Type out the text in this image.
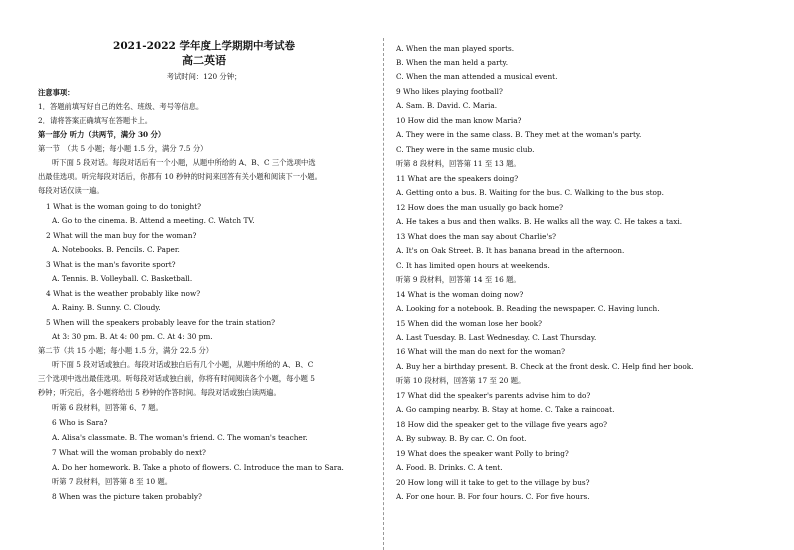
2021-2022 学年度上学期期中考试卷
高二英语
考试时间：120 分钟；
注意事项：
1．答题前填写好自己的姓名、班级、考号等信息。
2．请将答案正确填写在答题卡上。
第一部分 听力（共两节，满分 30 分）
第一节　（共 5 小题；每小题 1.5 分，满分 7.5 分）
听下面 5 段对话。每段对话后有一个小题，从题中所给的 A、B、C 三个选项中选
出最佳选项。听完每段对话后，你都有 10 秒钟的时间来回答有关小题和阅读下一小题。
每段对话仅读一遍。
1 What is the woman going to do tonight?
A. Go to the cinema. B. Attend a meeting. C. Watch TV.
2 What will the man buy for the woman?
A. Notebooks. B. Pencils. C. Paper.
3 What is the man's favorite sport?
A. Tennis. B. Volleyball. C. Basketball.
4 What is the weather probably like now?
A. Rainy. B. Sunny. C. Cloudy.
5 When will the speakers probably leave for the train station?
At 3: 30 pm. B. At 4: 00 pm. C. At 4: 30 pm.
第二节（共 15 小题；每小题 1.5 分，满分 22.5 分）
听下面 5 段对话或独白。每段对话或独白后有几个小题，从题中所给的 A、B、C
三个选项中选出最佳选项。听每段对话或独白前，你将有时间阅读各个小题，每小题 5
秒钟；听完后，各小题将给出 5 秒钟的作答时间。每段对话或独白读两遍。
听第 6 段材料，回答第 6、7 题。
6 Who is Sara?
A. Alisa's classmate. B. The woman's friend. C. The woman's teacher.
7 What will the woman probably do next?
A. Do her homework. B. Take a photo of flowers. C. Introduce the man to Sara.
听第 7 段材料，回答第 8 至 10 题。
8 When was the picture taken probably?
A. When the man played sports.
B. When the man held a party.
C. When the man attended a musical event.
9 Who likes playing football?
A. Sam. B. David. C. Maria.
10 How did the man know Maria?
A. They were in the same class. B. They met at the woman's party.
C. They were in the same music club.
听第 8 段材料，回答第 11 至 13 题。
11 What are the speakers doing?
A. Getting onto a bus. B. Waiting for the bus. C. Walking to the bus stop.
12 How does the man usually go back home?
A. He takes a bus and then walks. B. He walks all the way. C. He takes a taxi.
13 What does the man say about Charlie's?
A. It's on Oak Street. B. It has banana bread in the afternoon.
C. It has limited open hours at weekends.
听第 9 段材料，回答第 14 至 16 题。
14 What is the woman doing now?
A. Looking for a notebook. B. Reading the newspaper. C. Having lunch.
15 When did the woman lose her book?
A. Last Tuesday. B. Last Wednesday. C. Last Thursday.
16 What will the man do next for the woman?
A. Buy her a birthday present. B. Check at the front desk. C. Help find her book.
听第 10 段材料，回答第 17 至 20 题。
17 What did the speaker's parents advise him to do?
A. Go camping nearby. B. Stay at home. C. Take a raincoat.
18 How did the speaker get to the village five years ago?
A. By subway. B. By car. C. On foot.
19 What does the speaker want Polly to bring?
A. Food. B. Drinks. C. A tent.
20 How long will it take to get to the village by bus?
A. For one hour. B. For four hours. C. For five hours.
